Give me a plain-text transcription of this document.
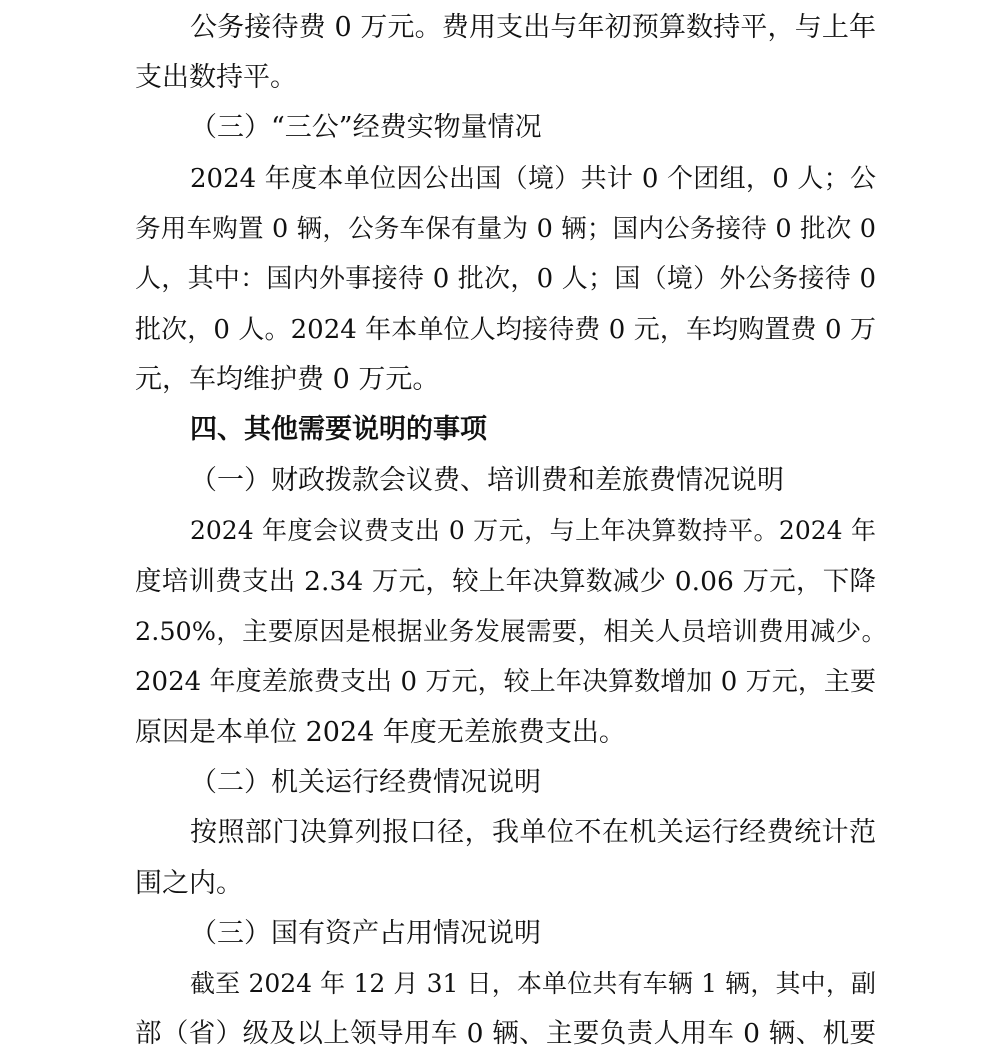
公务接待费 0 万元。费用支出与年初预算数持平，与上年
支出数持平。
（三）“三公”经费实物量情况
2024 年度本单位因公出国（境）共计 0 个团组，0 人；公
务用车购置 0 辆，公务车保有量为 0 辆；国内公务接待 0 批次 0
人，其中：国内外事接待 0 批次，0 人；国（境）外公务接待 0
批次，0 人。2024 年本单位人均接待费 0 元，车均购置费 0 万
元，车均维护费 0 万元。
四、其他需要说明的事项
（一）财政拨款会议费、培训费和差旅费情况说明
2024 年度会议费支出 0 万元，与上年决算数持平。2024 年
度培训费支出 2.34 万元，较上年决算数减少 0.06 万元，下降
2.50%，主要原因是根据业务发展需要，相关人员培训费用减少。
2024 年度差旅费支出 0 万元，较上年决算数增加 0 万元，主要
原因是本单位 2024 年度无差旅费支出。
（二）机关运行经费情况说明
按照部门决算列报口径，我单位不在机关运行经费统计范
围之内。
（三）国有资产占用情况说明
截至 2024 年 12 月 31 日，本单位共有车辆 1 辆，其中，副
部（省）级及以上领导用车 0 辆、主要负责人用车 0 辆、机要
